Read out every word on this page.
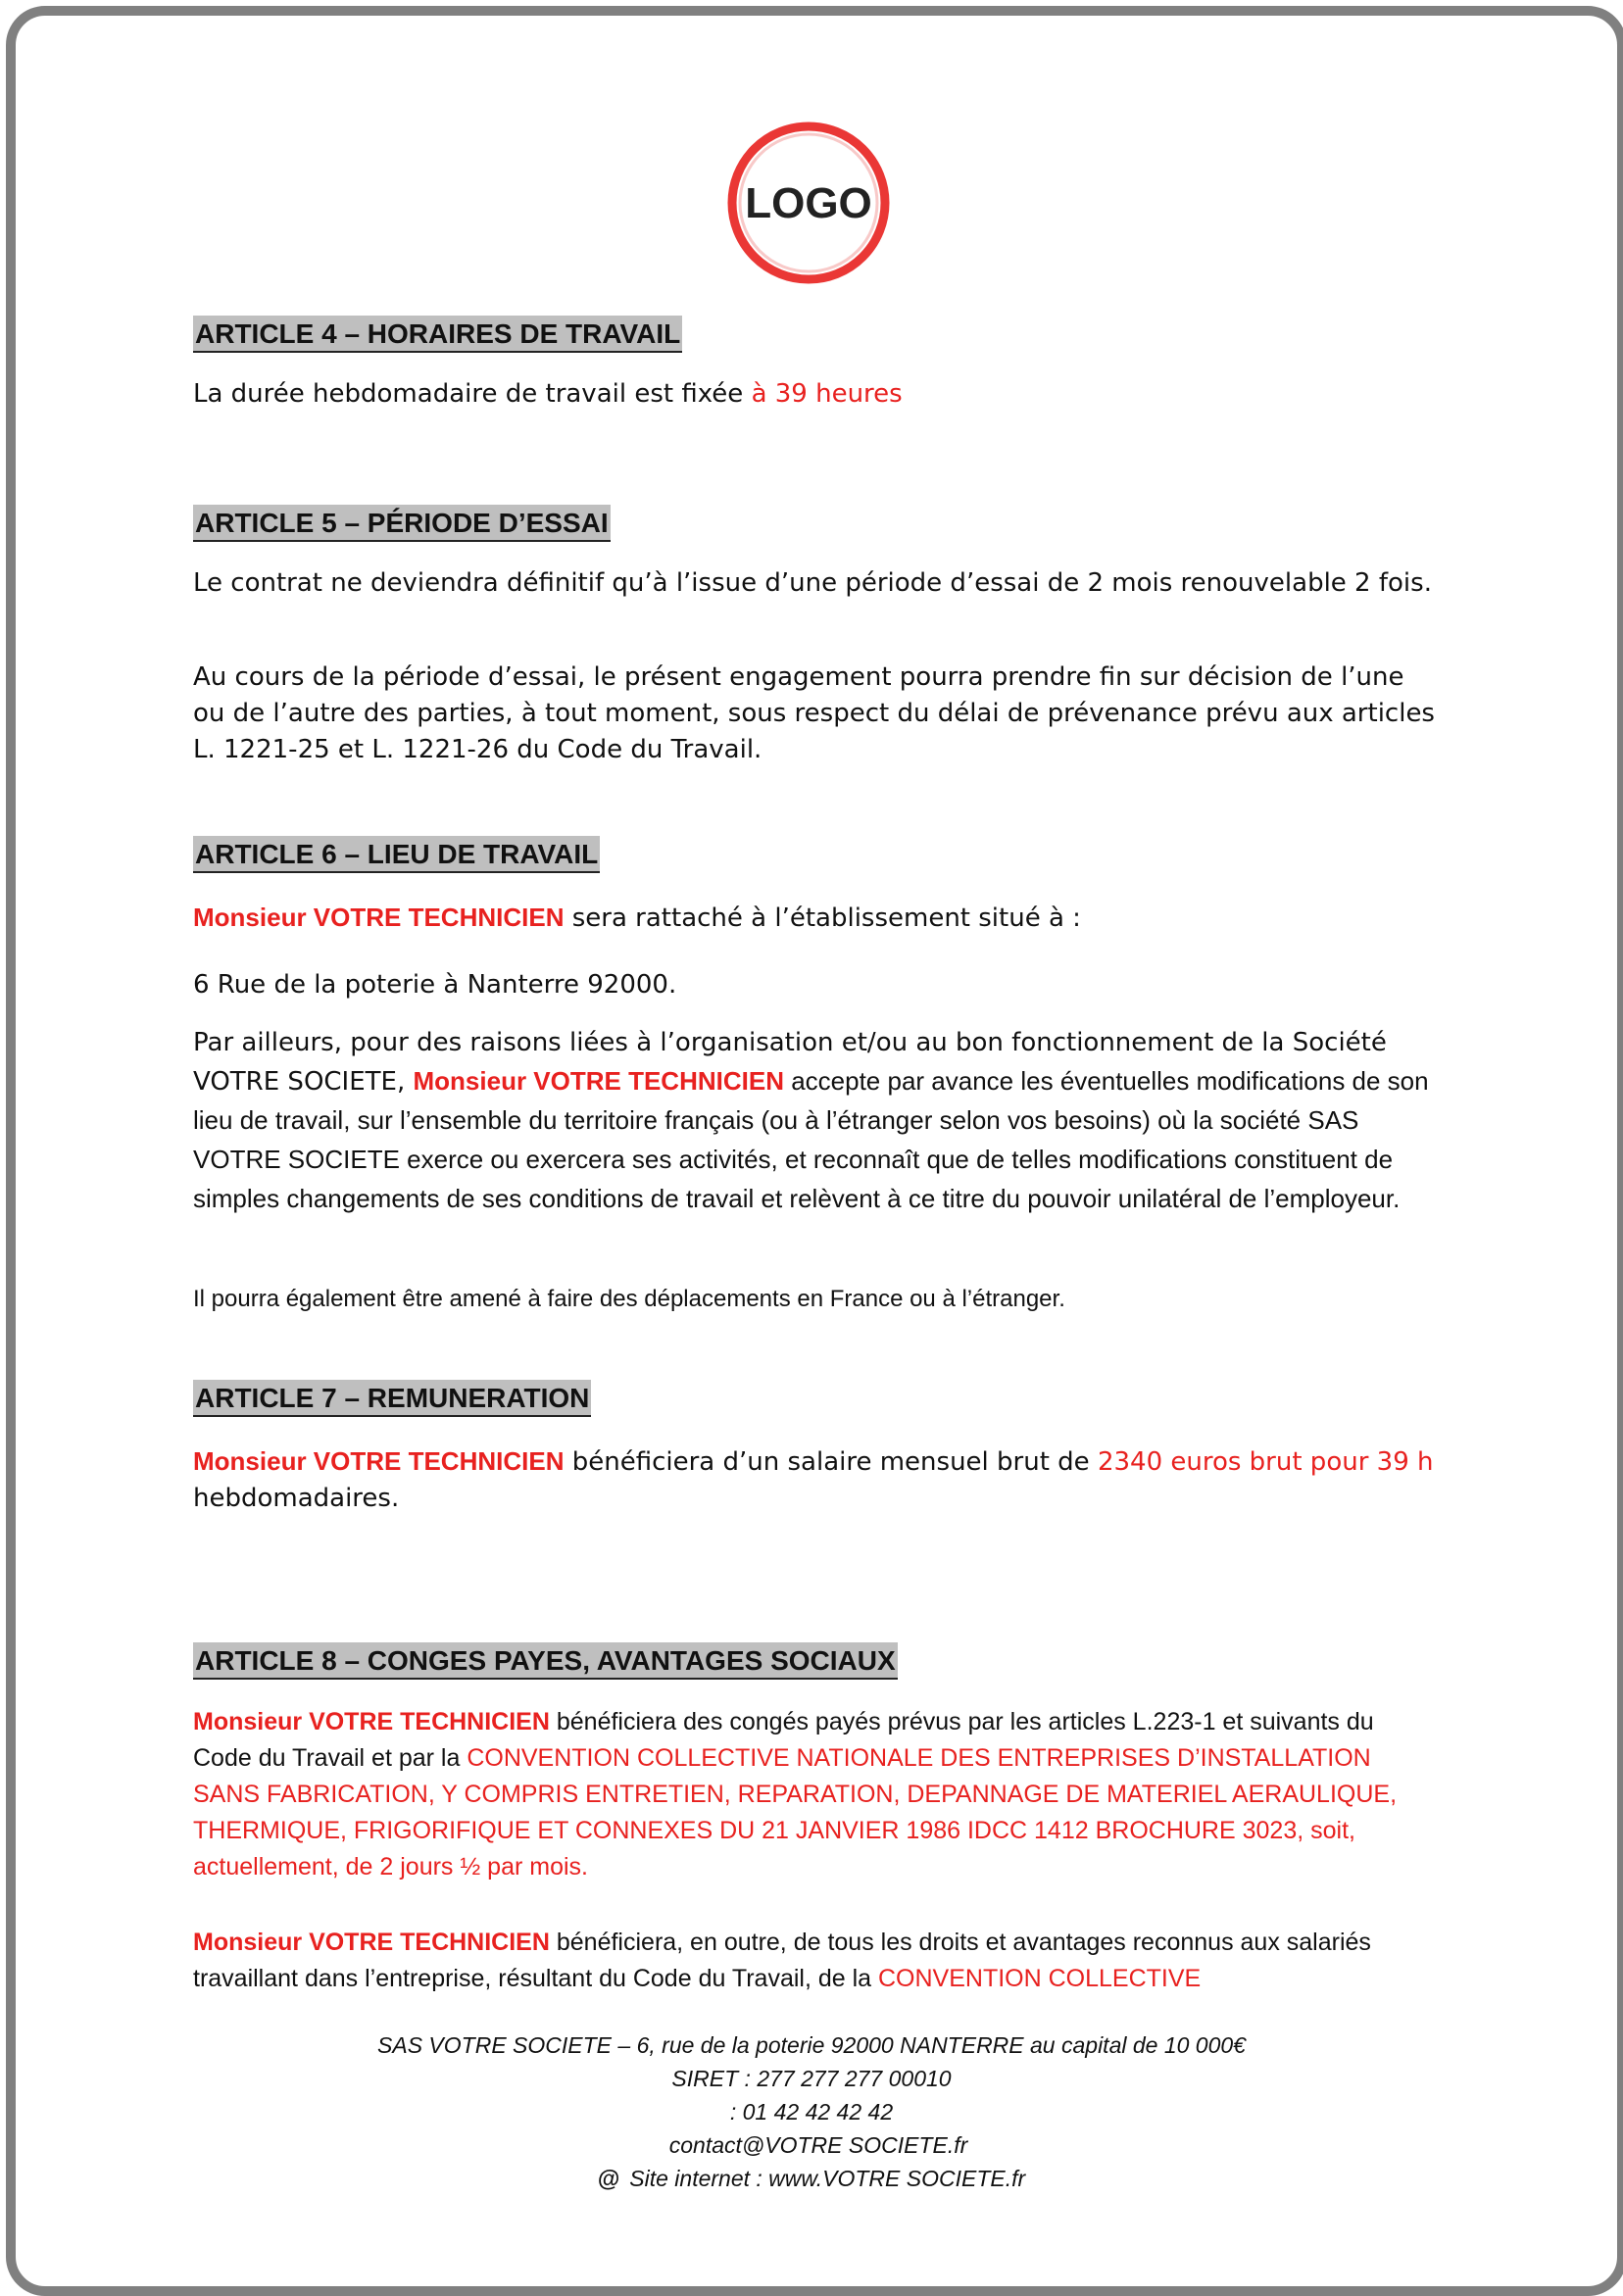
LOGO
ARTICLE 4 – HORAIRES DE TRAVAIL
La durée hebdomadaire de travail est fixée à 39 heures
ARTICLE 5 – PÉRIODE D’ESSAI
Le contrat ne deviendra définitif qu’à l’issue d’une période d’essai de 2 mois renouvelable 2 fois.
Au cours de la période d’essai, le présent engagement pourra prendre fin sur décision de l’une ou de l’autre des parties, à tout moment, sous respect du délai de prévenance prévu aux articles L. 1221-25 et L. 1221-26 du Code du Travail.
ARTICLE 6 – LIEU DE TRAVAIL
Monsieur VOTRE TECHNICIEN sera rattaché à l’établissement situé à :
6 Rue de la poterie à Nanterre 92000.
Par ailleurs, pour des raisons liées à l’organisation et/ou au bon fonctionnement de la Société VOTRE SOCIETE, Monsieur VOTRE TECHNICIEN accepte par avance les éventuelles modifications de son lieu de travail, sur l’ensemble du territoire français (ou à l’étranger selon vos besoins) où la société SAS VOTRE SOCIETE exerce ou exercera ses activités, et reconnaît que de telles modifications constituent de simples changements de ses conditions de travail et relèvent à ce titre du pouvoir unilatéral de l’employeur.
Il pourra également être amené à faire des déplacements en France ou à l’étranger.
ARTICLE 7 – REMUNERATION
Monsieur VOTRE TECHNICIEN bénéficiera d’un salaire mensuel brut de 2340 euros brut pour 39 h hebdomadaires.
ARTICLE 8 – CONGES PAYES, AVANTAGES SOCIAUX
Monsieur VOTRE TECHNICIEN bénéficiera des congés payés prévus par les articles L.223-1 et suivants du Code du Travail et par la CONVENTION COLLECTIVE NATIONALE DES ENTREPRISES D’INSTALLATION SANS FABRICATION, Y COMPRIS ENTRETIEN, REPARATION, DEPANNAGE DE MATERIEL AERAULIQUE, THERMIQUE, FRIGORIFIQUE ET CONNEXES DU 21 JANVIER 1986 IDCC 1412 BROCHURE 3023, soit, actuellement, de 2 jours ½ par mois.
Monsieur VOTRE TECHNICIEN bénéficiera, en outre, de tous les droits et avantages reconnus aux salariés travaillant dans l’entreprise, résultant du Code du Travail, de la CONVENTION COLLECTIVE
SAS VOTRE SOCIETE – 6, rue de la poterie 92000 NANTERRE au capital de 10 000€
SIRET : 277 277 277 00010
: 01 42 42 42 42
contact@VOTRE SOCIETE.fr
@ Site internet : www.VOTRE SOCIETE.fr
